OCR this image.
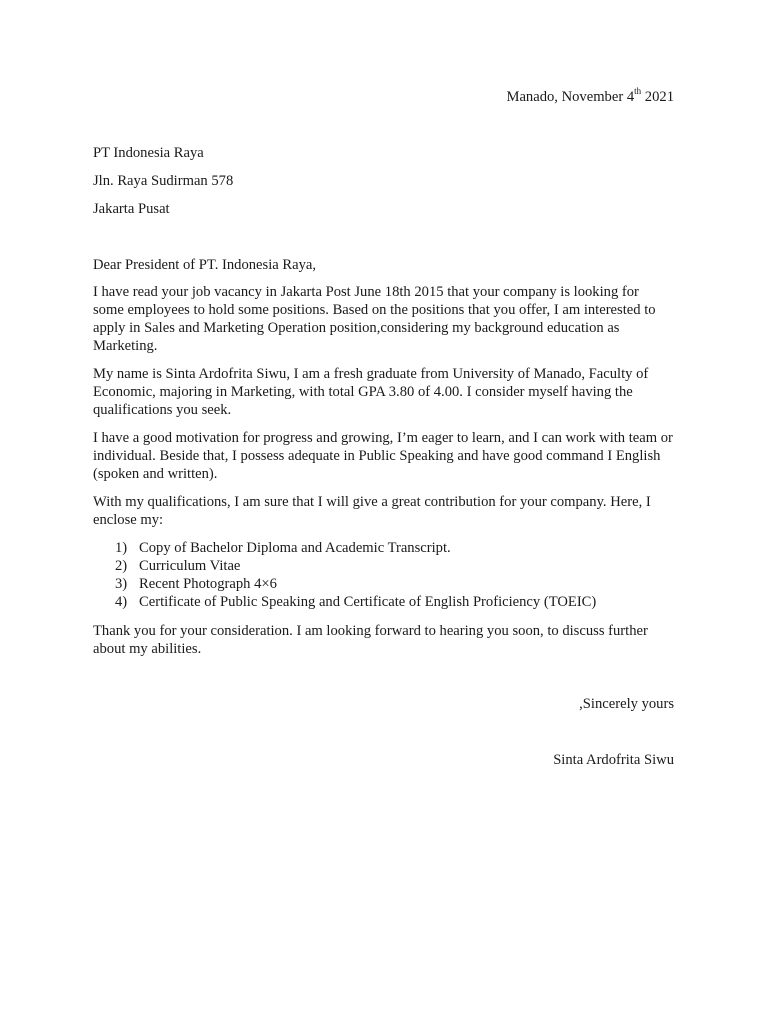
Manado, November 4th 2021
PT Indonesia Raya
Jln. Raya Sudirman 578
Jakarta Pusat
Dear President of PT. Indonesia Raya,

I have read your job vacancy in Jakarta Post June 18th 2015 that your company is looking for some employees to hold some positions. Based on the positions that you offer, I am interested to apply in Sales and Marketing Operation position,considering my background education as Marketing.

My name is Sinta Ardofrita Siwu, I am a fresh graduate from University of Manado, Faculty of Economic, majoring in Marketing, with total GPA 3.80 of 4.00. I consider myself having the qualifications you seek.

I have a good motivation for progress and growing, I’m eager to learn, and I can work with team or individual. Beside that, I possess adequate in Public Speaking and have good command I English (spoken and written).

With my qualifications, I am sure that I will give a great contribution for your company. Here, I enclose my:

1) Copy of Bachelor Diploma and Academic Transcript.
2) Curriculum Vitae
3) Recent Photograph 4×6
4) Certificate of Public Speaking and Certificate of English Proficiency (TOEIC)

Thank you for your consideration. I am looking forward to hearing you soon, to discuss further about my abilities.

,Sincerely yours
Sinta Ardofrita Siwu
